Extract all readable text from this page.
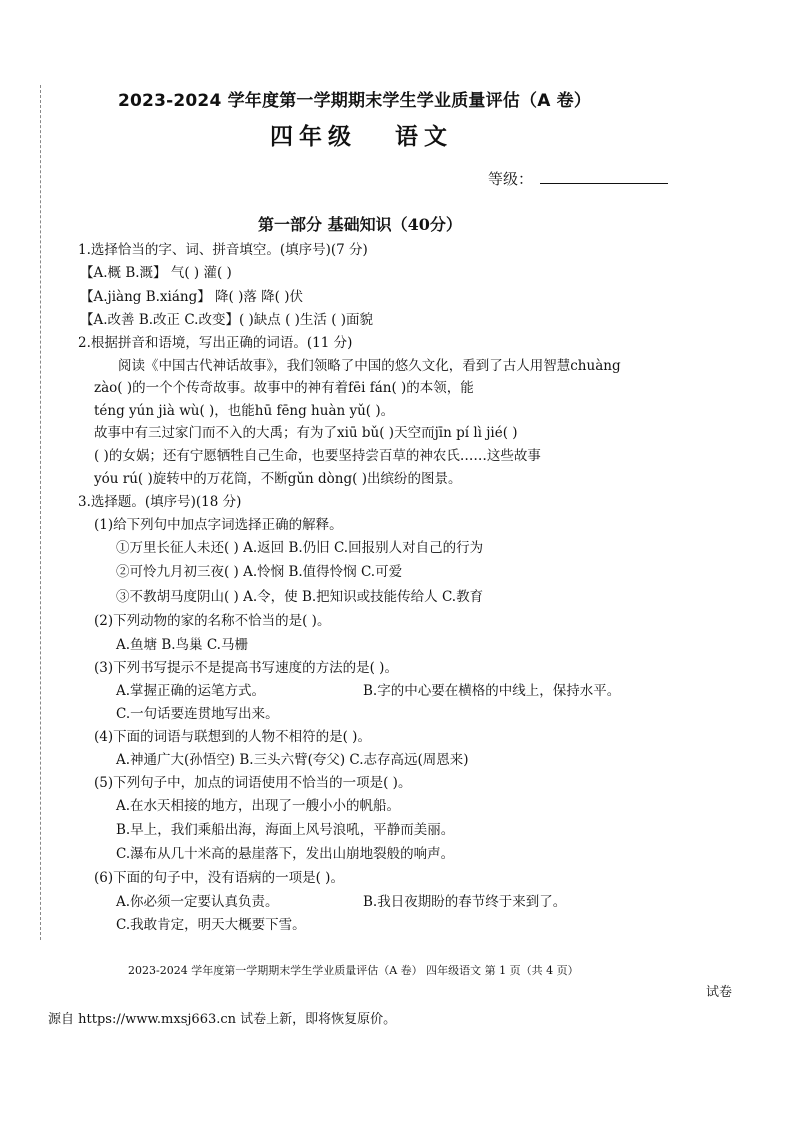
2023-2024 学年度第一学期期末学生学业质量评估（A 卷）
四年级 语文
等级：
第一部分 基础知识（40分）
1.选择恰当的字、词、拼音填空。(填序号)(7 分)
【A.概 B.溉】 气( ) 灌( )
【A.jiàng B.xiáng】 降( )落 降( )伏
【A.改善 B.改正 C.改变】( )缺点 ( )生活 ( )面貌
2.根据拼音和语境，写出正确的词语。(11 分)
阅读《中国古代神话故事》，我们领略了中国的悠久文化，看到了古人用智慧chuàng
zào( )的一个个传奇故事。故事中的神有着fēi fán( )的本领，能
téng yún jià wù( )，也能hū fēng huàn yǔ( )。
故事中有三过家门而不入的大禹；有为了xiū bǔ( )天空而jīn pí lì jié( )
( )的女娲；还有宁愿牺牲自己生命，也要坚持尝百草的神农氏……这些故事
yóu rú( )旋转中的万花筒，不断gǔn dòng( )出缤纷的图景。
3.选择题。(填序号)(18 分)
(1)给下列句中加点字词选择正确的解释。
①万里长征人未还( ) A.返回 B.仍旧 C.回报别人对自己的行为
②可怜九月初三夜( ) A.怜悯 B.值得怜悯 C.可爱
③不教胡马度阴山( ) A.令，使 B.把知识或技能传给人 C.教育
(2)下列动物的家的名称不恰当的是( )。
A.鱼塘 B.鸟巢 C.马栅
(3)下列书写提示不是提高书写速度的方法的是( )。
A.掌握正确的运笔方式。	B.字的中心要在横格的中线上，保持水平。
C.一句话要连贯地写出来。
(4)下面的词语与联想到的人物不相符的是( )。
A.神通广大(孙悟空) B.三头六臂(夸父) C.志存高远(周恩来)
(5)下列句子中，加点的词语使用不恰当的一项是( )。
A.在水天相接的地方，出现了一艘小小的帆船。
B.早上，我们乘船出海，海面上风号浪吼，平静而美丽。
C.瀑布从几十米高的悬崖落下，发出山崩地裂般的响声。
(6)下面的句子中，没有语病的一项是( )。
A.你必须一定要认真负责。	B.我日夜期盼的春节终于来到了。
C.我敢肯定，明天大概要下雪。
2023-2024 学年度第一学期期末学生学业质量评估（A 卷） 四年级语文 第 1 页（共 4 页）
试卷
源自 https://www.mxsj663.cn 试卷上新，即将恢复原价。
